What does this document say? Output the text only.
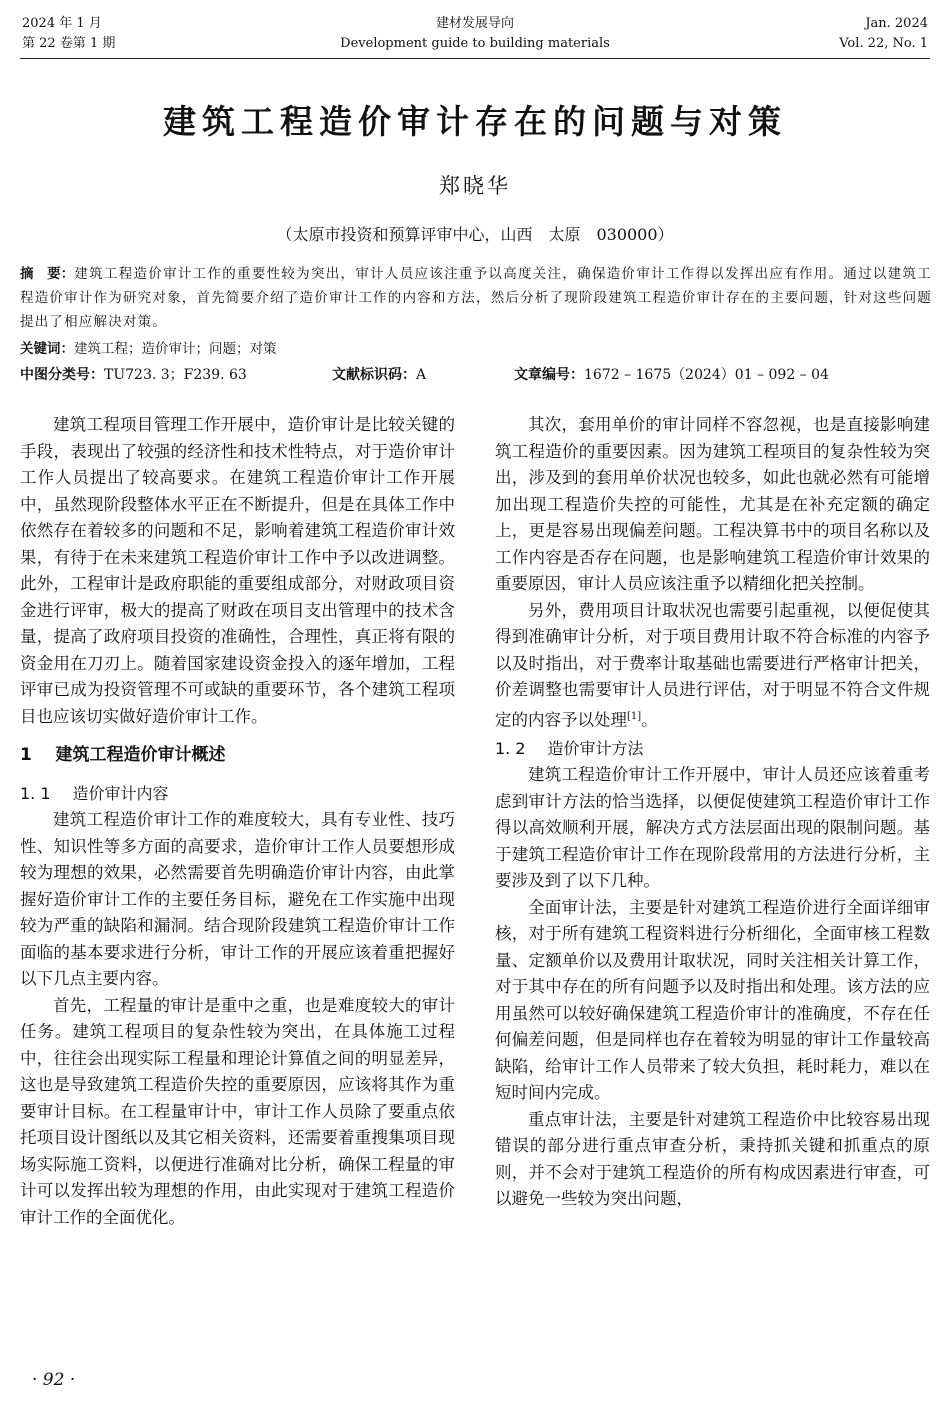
2024 年 1 月
第 22 卷第 1 期
建材发展导向
Development guide to building materials
Jan. 2024
Vol. 22, No. 1
建筑工程造价审计存在的问题与对策
郑晓华
（太原市投资和预算评审中心，山西　太原　030000）
摘　要：建筑工程造价审计工作的重要性较为突出，审计人员应该注重予以高度关注，确保造价审计工作得以发挥出应有作用。通过以建筑工程造价审计作为研究对象，首先简要介绍了造价审计工作的内容和方法，然后分析了现阶段建筑工程造价审计存在的主要问题，针对这些问题提出了相应解决对策。
关键词：建筑工程；造价审计；问题；对策
中图分类号：TU723. 3；F239. 63	文献标识码：A	文章编号：1672 – 1675（2024）01 – 092 – 04

建筑工程项目管理工作开展中，造价审计是比较关键的手段，表现出了较强的经济性和技术性特点，对于造价审计工作人员提出了较高要求。在建筑工程造价审计工作开展中，虽然现阶段整体水平正在不断提升，但是在具体工作中依然存在着较多的问题和不足，影响着建筑工程造价审计效果，有待于在未来建筑工程造价审计工作中予以改进调整。此外，工程审计是政府职能的重要组成部分，对财政项目资金进行评审，极大的提高了财政在项目支出管理中的技术含量，提高了政府项目投资的准确性，合理性，真正将有限的资金用在刀刃上。随着国家建设资金投入的逐年增加，工程评审已成为投资管理不可或缺的重要环节，各个建筑工程项目也应该切实做好造价审计工作。

1 建筑工程造价审计概述
1. 1 造价审计内容

建筑工程造价审计工作的难度较大，具有专业性、技巧性、知识性等多方面的高要求，造价审计工作人员要想形成较为理想的效果，必然需要首先明确造价审计内容，由此掌握好造价审计工作的主要任务目标，避免在工作实施中出现较为严重的缺陷和漏洞。结合现阶段建筑工程造价审计工作面临的基本要求进行分析，审计工作的开展应该着重把握好以下几点主要内容。

首先，工程量的审计是重中之重，也是难度较大的审计任务。建筑工程项目的复杂性较为突出，在具体施工过程中，往往会出现实际工程量和理论计算值之间的明显差异，这也是导致建筑工程造价失控的重要原因，应该将其作为重要审计目标。在工程量审计中，审计工作人员除了要重点依托项目设计图纸以及其它相关资料，还需要着重搜集项目现场实际施工资料，以便进行准确对比分析，确保工程量的审计可以发挥出较为理想的作用，由此实现对于建筑工程造价审计工作的全面优化。

其次，套用单价的审计同样不容忽视，也是直接影响建筑工程造价的重要因素。因为建筑工程项目的复杂性较为突出，涉及到的套用单价状况也较多，如此也就必然有可能增加出现工程造价失控的可能性，尤其是在补充定额的确定上，更是容易出现偏差问题。工程决算书中的项目名称以及工作内容是否存在问题，也是影响建筑工程造价审计效果的重要原因，审计人员应该注重予以精细化把关控制。

另外，费用项目计取状况也需要引起重视，以便促使其得到准确审计分析，对于项目费用计取不符合标准的内容予以及时指出，对于费率计取基础也需要进行严格审计把关，价差调整也需要审计人员进行评估，对于明显不符合文件规定的内容予以处理[1]。

1. 2 造价审计方法

建筑工程造价审计工作开展中，审计人员还应该着重考虑到审计方法的恰当选择，以便促使建筑工程造价审计工作得以高效顺利开展，解决方式方法层面出现的限制问题。基于建筑工程造价审计工作在现阶段常用的方法进行分析，主要涉及到了以下几种。

全面审计法，主要是针对建筑工程造价进行全面详细审核，对于所有建筑工程资料进行分析细化，全面审核工程数量、定额单价以及费用计取状况，同时关注相关计算工作，对于其中存在的所有问题予以及时指出和处理。该方法的应用虽然可以较好确保建筑工程造价审计的准确度，不存在任何偏差问题，但是同样也存在着较为明显的审计工作量较高缺陷，给审计工作人员带来了较大负担，耗时耗力，难以在短时间内完成。

重点审计法，主要是针对建筑工程造价中比较容易出现错误的部分进行重点审查分析，秉持抓关键和抓重点的原则，并不会对于建筑工程造价的所有构成因素进行审查，可以避免一些较为突出问题，

· 92 ·
